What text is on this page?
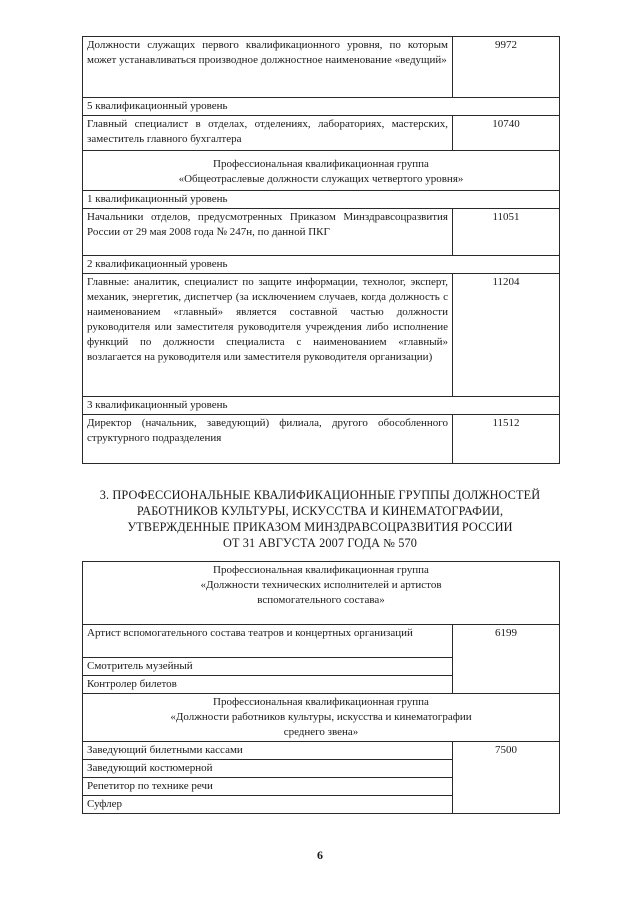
Должности служащих первого квалификационного уровня, по которым может устанавливаться производное должностное наименование «ведущий»	9972
5 квалификационный уровень	
Главный специалист в отделах, отделениях, лабораториях, мастерских, заместитель главного бухгалтера	10740

Профессиональная квалификационная группа
«Общеотраслевые должности служащих четвертого уровня»	

1 квалификационный уровень	
Начальники отделов, предусмотренных Приказом Минздравсоцразвития России от 29 мая 2008 года № 247н, по данной ПКГ	11051
2 квалификационный уровень	
Главные: аналитик, специалист по защите информации, технолог, эксперт, механик, энергетик, диспетчер (за исключением случаев, когда должность с наименованием «главный» является составной частью должности руководителя или заместителя руководителя учреждения либо исполнение функций по должности специалиста с наименованием «главный» возлагается на руководителя или заместителя руководителя организации)	11204
3 квалификационный уровень	
Директор (начальник, заведующий) филиала, другого обособленного структурного подразделения	11512
3. ПРОФЕССИОНАЛЬНЫЕ КВАЛИФИКАЦИОННЫЕ ГРУППЫ ДОЛЖНОСТЕЙ
РАБОТНИКОВ КУЛЬТУРЫ, ИСКУССТВА И КИНЕМАТОГРАФИИ,
УТВЕРЖДЕННЫЕ ПРИКАЗОМ МИНЗДРАВСОЦРАЗВИТИЯ РОССИИ
ОТ 31 АВГУСТА 2007 ГОДА № 570
Профессиональная квалификационная группа
«Должности технических исполнителей и артистов
вспомогательного состава»	

Артист вспомогательного состава театров и концертных организаций	6199
Смотритель музейный	
Контролер билетов	

Профессиональная квалификационная группа
«Должности работников культуры, искусства и кинематографии
среднего звена»	

Заведующий билетными кассами	7500
Заведующий костюмерной	
Репетитор по технике речи	
Суфлер	
6
